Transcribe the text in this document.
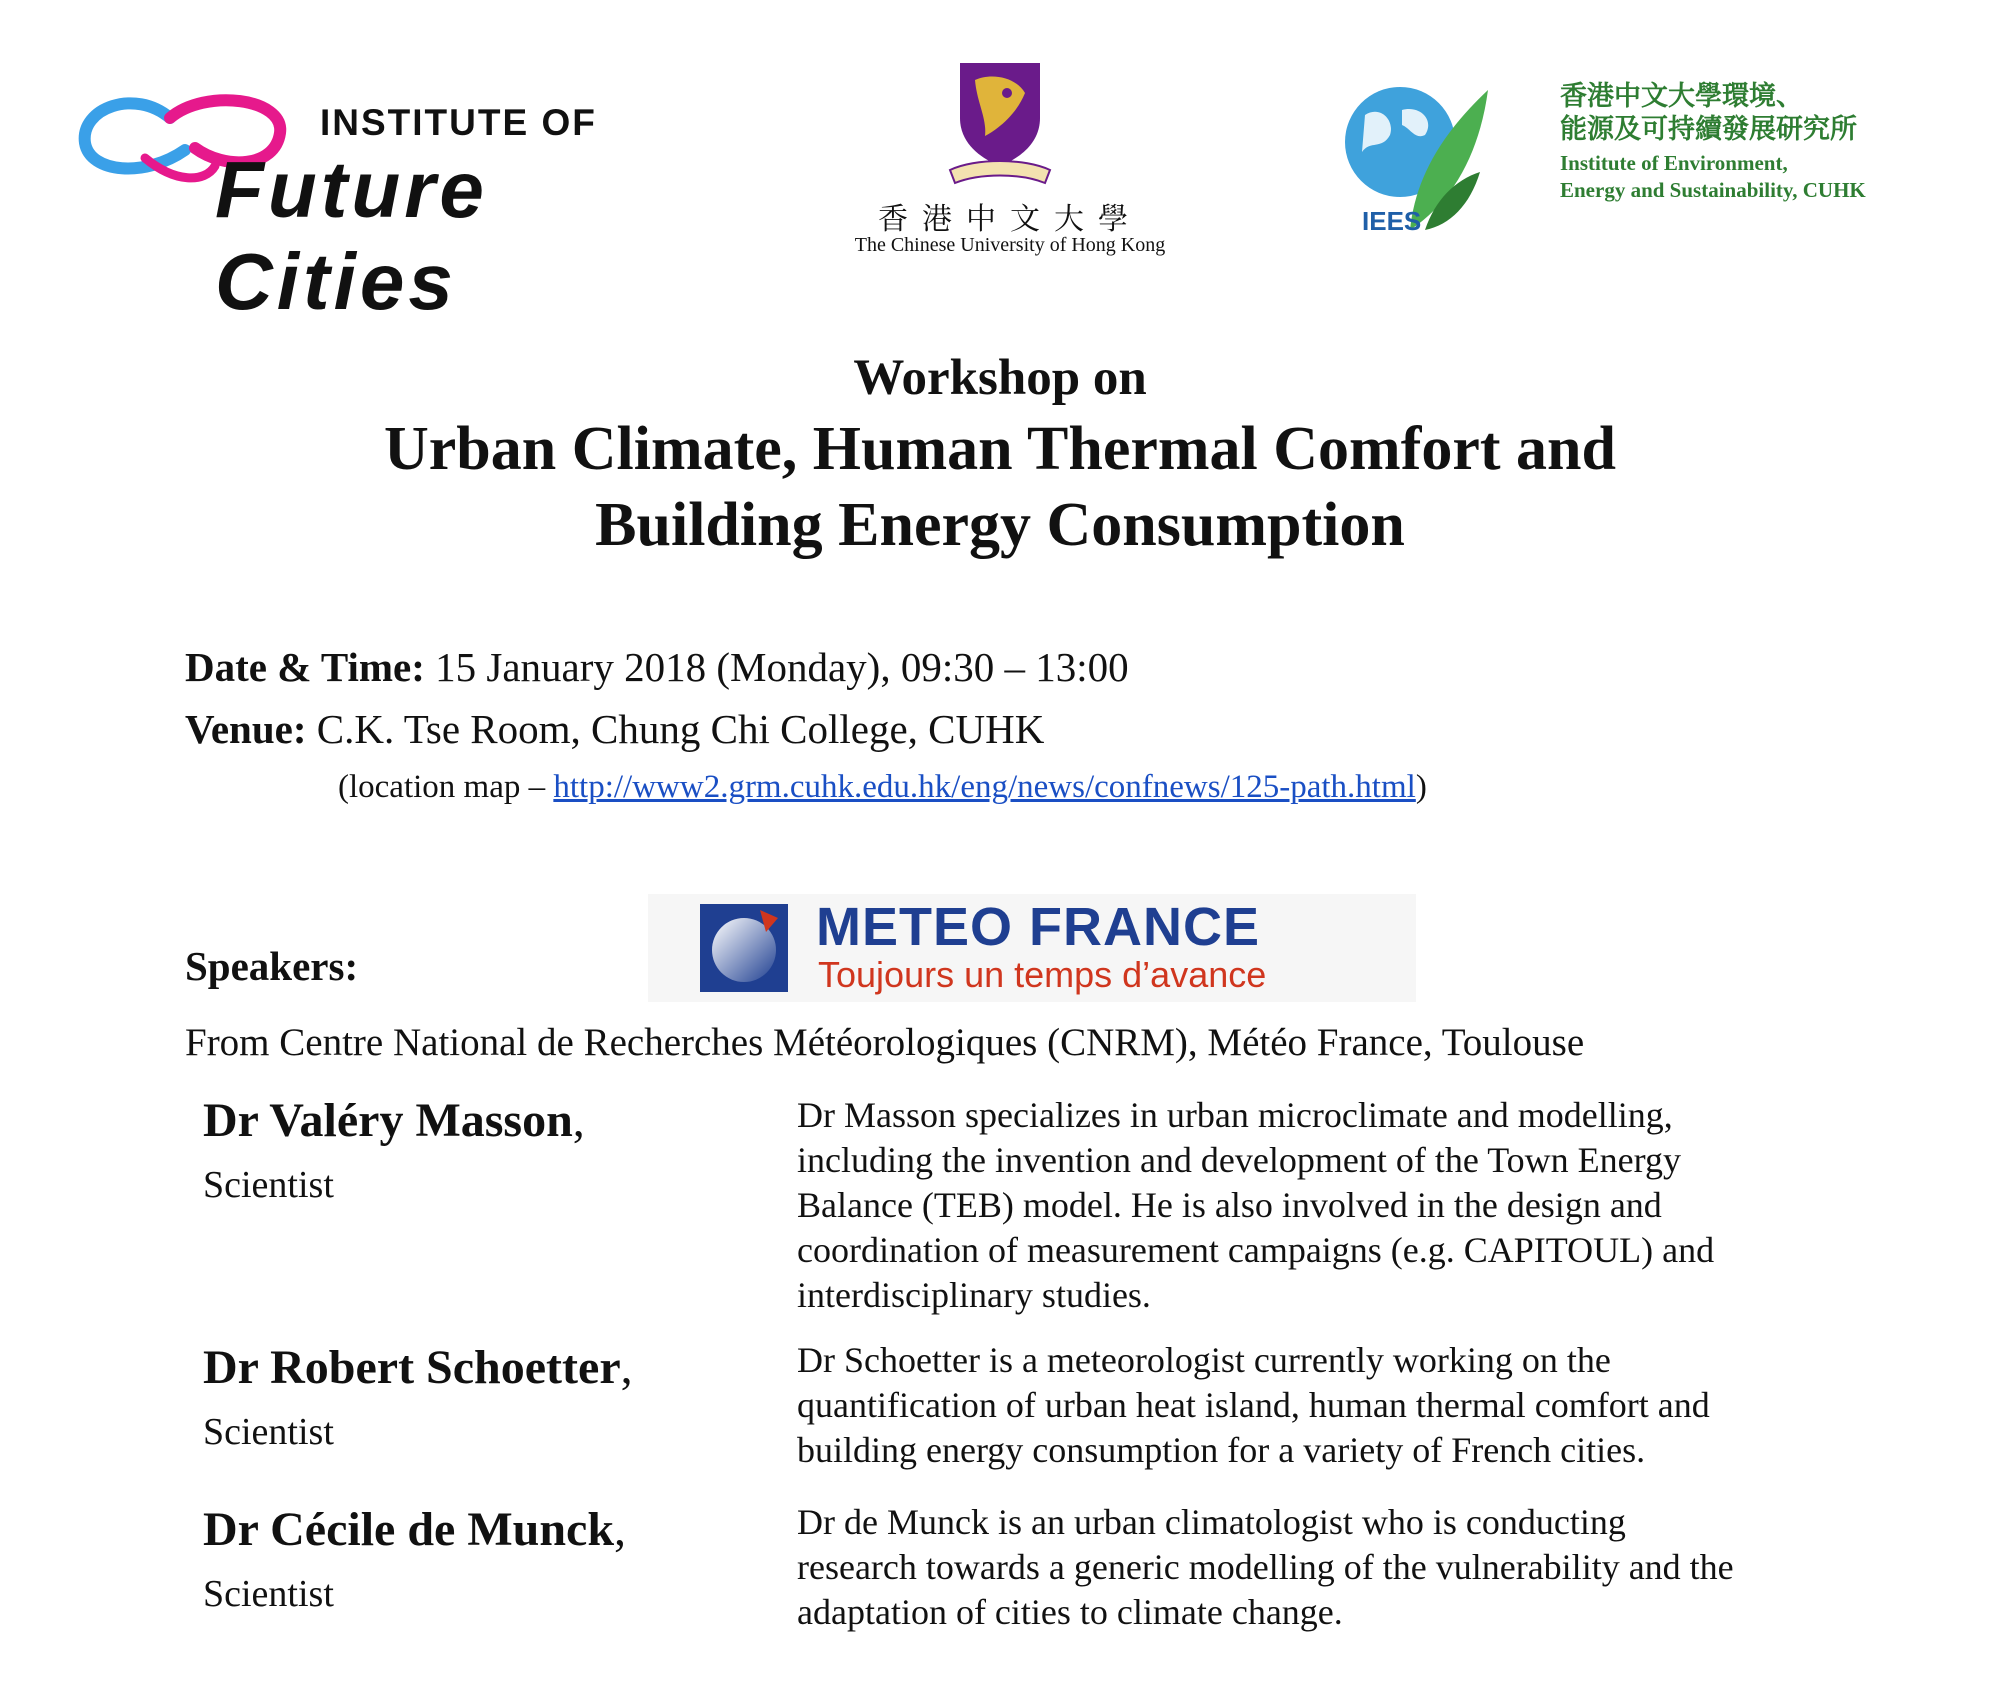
INSTITUTE OF
Future Cities
香港中文大學
The Chinese University of Hong Kong
IEES
香港中文大學環境、
能源及可持續發展研究所
Institute of Environment,
Energy and Sustainability, CUHK
Workshop on
Urban Climate, Human Thermal Comfort and
Building Energy Consumption
Date & Time: 15 January 2018 (Monday), 09:30 – 13:00
Venue: C.K. Tse Room, Chung Chi College, CUHK
(location map – http://www2.grm.cuhk.edu.hk/eng/news/confnews/125-path.html)
Speakers:
METEO FRANCE
Toujours un temps d’avance
From Centre National de Recherches Météorologiques (CNRM), Météo France, Toulouse
Dr Valéry Masson,
Scientist
Dr Masson specializes in urban microclimate and modelling,
including the invention and development of the Town Energy
Balance (TEB) model. He is also involved in the design and
coordination of measurement campaigns (e.g. CAPITOUL) and
interdisciplinary studies.
Dr Robert Schoetter,
Scientist
Dr Schoetter is a meteorologist currently working on the
quantification of urban heat island, human thermal comfort and
building energy consumption for a variety of French cities.
Dr Cécile de Munck,
Scientist
Dr de Munck is an urban climatologist who is conducting
research towards a generic modelling of the vulnerability and the
adaptation of cities to climate change.
